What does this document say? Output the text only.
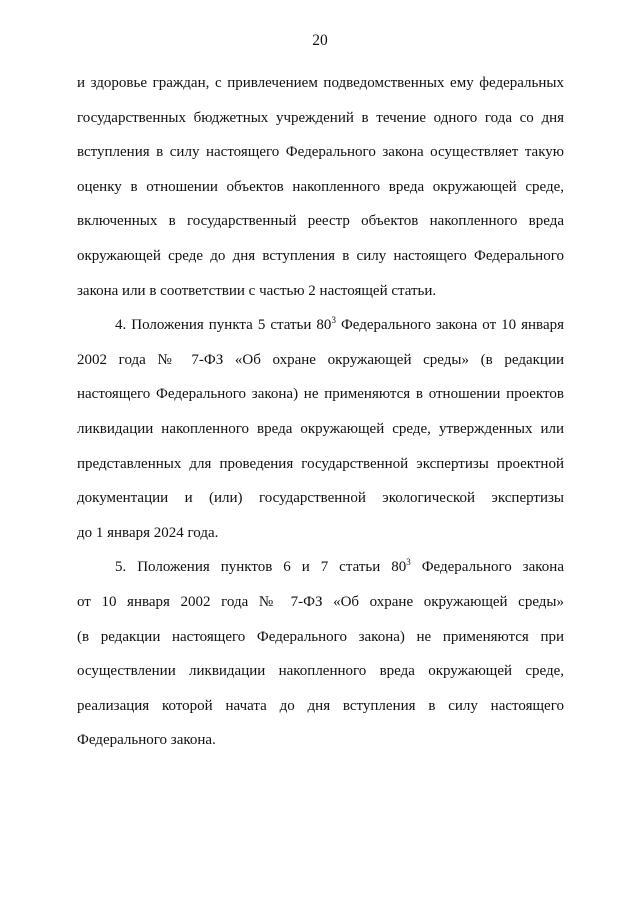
20

и здоровье граждан, с привлечением подведомственных ему федеральных
государственных бюджетных учреждений в течение одного года со дня
вступления в силу настоящего Федерального закона осуществляет такую
оценку в отношении объектов накопленного вреда окружающей среде,
включенных в государственный реестр объектов накопленного вреда
окружающей среде до дня вступления в силу настоящего Федерального
закона или в соответствии с частью 2 настоящей статьи.

4. Положения пункта 5 статьи $80^3$ Федерального закона от 10 января
2002 года № 7-ФЗ «Об охране окружающей среды» (в редакции
настоящего Федерального закона) не применяются в отношении проектов
ликвидации накопленного вреда окружающей среде, утвержденных или
представленных для проведения государственной экспертизы проектной
документации и (или) государственной экологической экспертизы
до 1 января 2024 года.

5. Положения пунктов 6 и 7 статьи $80^3$ Федерального закона
от 10 января 2002 года № 7-ФЗ «Об охране окружающей среды»
(в редакции настоящего Федерального закона) не применяются при
осуществлении ликвидации накопленного вреда окружающей среде,
реализация которой начата до дня вступления в силу настоящего
Федерального закона.
